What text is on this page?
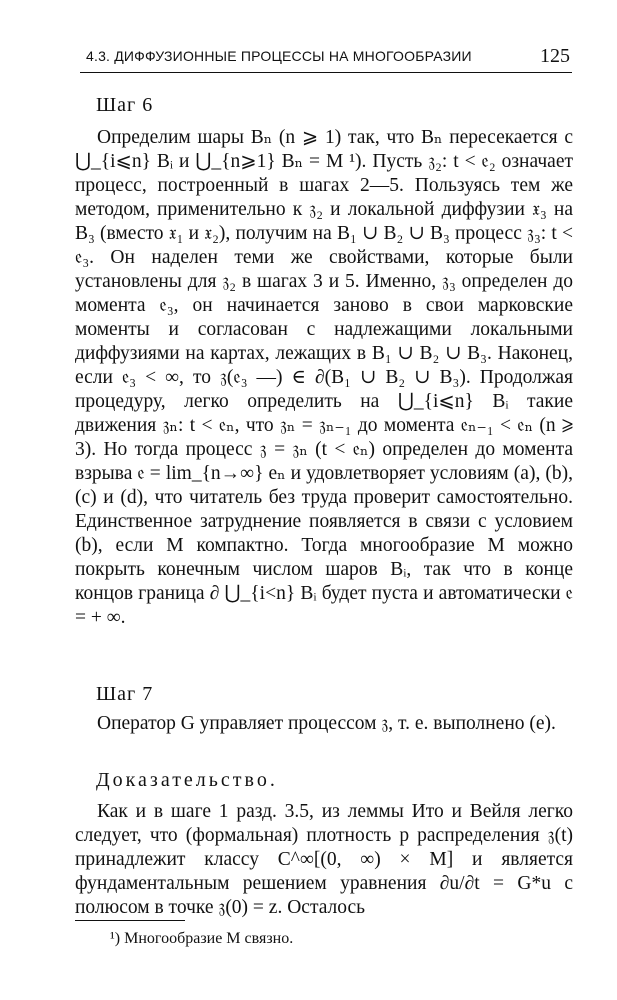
4.3. ДИФФУЗИОННЫЕ ПРОЦЕССЫ НА МНОГООБРАЗИИ	125
Шаг 6

Определим шары Bₙ (n ⩾ 1) так, что Bₙ пересекается с ⋃_{i⩽n} Bᵢ и ⋃_{n⩾1} Bₙ = M ¹). Пусть 𝔷₂: t < 𝔢₂ означает процесс, построенный в шагах 2—5. Пользуясь тем же методом, применительно к 𝔷₂ и локальной диффузии 𝔵₃ на B₃ (вместо 𝔵₁ и 𝔵₂), получим на B₁ ∪ B₂ ∪ B₃ процесс 𝔷₃: t < 𝔢₃. Он наделен теми же свойствами, которые были установлены для 𝔷₂ в шагах 3 и 5. Именно, 𝔷₃ определен до момента 𝔢₃, он начинается заново в свои марковские моменты и согласован с надлежащими локальными диффузиями на картах, лежащих в B₁ ∪ B₂ ∪ B₃. Наконец, если 𝔢₃ < ∞, то 𝔷(𝔢₃ —) ∈ ∂(B₁ ∪ B₂ ∪ B₃). Продолжая процедуру, легко определить на ⋃_{i⩽n} Bᵢ такие движения 𝔷ₙ: t < 𝔢ₙ, что 𝔷ₙ = 𝔷ₙ₋₁ до момента 𝔢ₙ₋₁ < 𝔢ₙ (n ⩾ 3). Но тогда процесс 𝔷 = 𝔷ₙ (t < 𝔢ₙ) определен до момента взрыва 𝔢 = lim_{n→∞} eₙ и удовлетворяет условиям (a), (b), (c) и (d), что читатель без труда проверит самостоятельно. Единственное затруднение появляется в связи с условием (b), если M компактно. Тогда многообразие M можно покрыть конечным числом шаров Bᵢ, так что в конце концов граница ∂ ⋃_{i<n} Bᵢ будет пуста и автоматически 𝔢 = + ∞.

Шаг 7

Оператор G управляет процессом 𝔷, т. е. выполнено (e).

Доказательство.

Как и в шаге 1 разд. 3.5, из леммы Ито и Вейля легко следует, что (формальная) плотность p распределения 𝔷(t) принадлежит классу C^∞[(0, ∞) × M] и является фундаментальным решением уравнения ∂u/∂t = G*u с полюсом в точке 𝔷(0) = z. Осталось

¹) Многообразие M связно.
